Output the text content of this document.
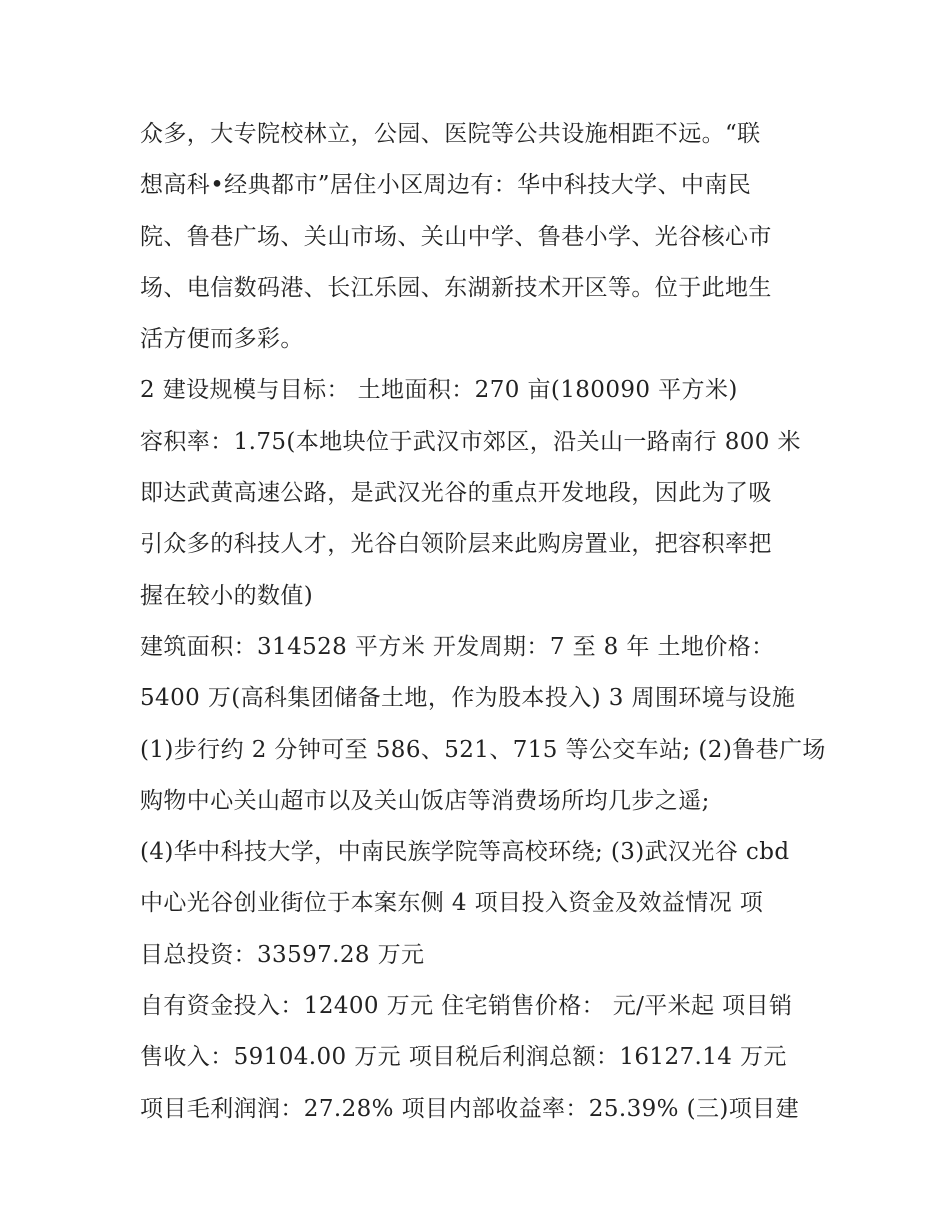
众多，大专院校林立，公园、医院等公共设施相距不远。“联
想高科•经典都市”居住小区周边有：华中科技大学、中南民
院、鲁巷广场、关山市场、关山中学、鲁巷小学、光谷核心市
场、电信数码港、长江乐园、东湖新技术开区等。位于此地生
活方便而多彩。
2 建设规模与目标： 土地面积：270 亩(180090 平方米)
容积率：1.75(本地块位于武汉市郊区，沿关山一路南行 800 米
即达武黄高速公路，是武汉光谷的重点开发地段，因此为了吸
引众多的科技人才，光谷白领阶层来此购房置业，把容积率把
握在较小的数值)
建筑面积：314528 平方米 开发周期：7 至 8 年 土地价格：
5400 万(高科集团储备土地，作为股本投入) 3 周围环境与设施
(1)步行约 2 分钟可至 586、521、715 等公交车站; (2)鲁巷广场
购物中心关山超市以及关山饭店等消费场所均几步之遥;
(4)华中科技大学，中南民族学院等高校环绕; (3)武汉光谷 cbd
中心光谷创业街位于本案东侧 4 项目投入资金及效益情况 项
目总投资：33597.28 万元
自有资金投入：12400 万元 住宅销售价格： 元/平米起 项目销
售收入：59104.00 万元 项目税后利润总额：16127.14 万元
项目毛利润润：27.28% 项目内部收益率：25.39% (三)项目建
